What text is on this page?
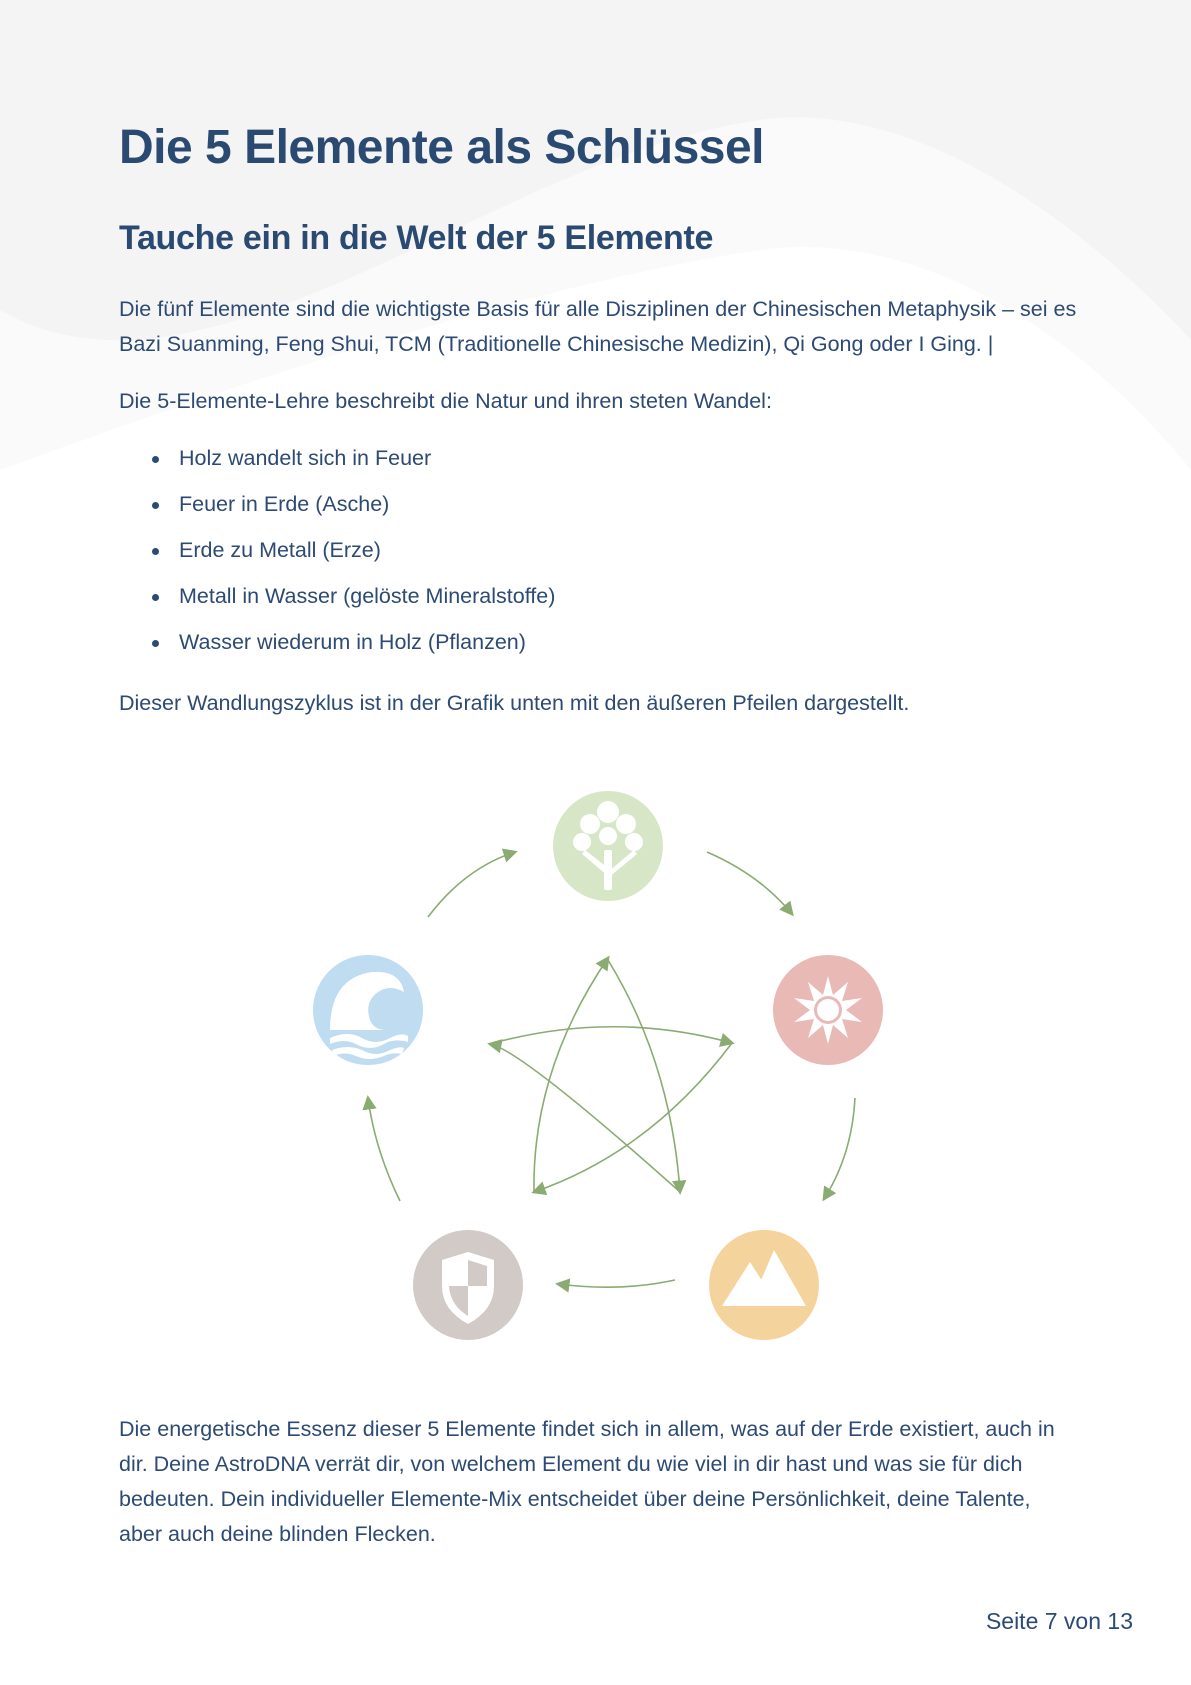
Die 5 Elemente als Schlüssel
Tauche ein in die Welt der 5 Elemente

Die fünf Elemente sind die wichtigste Basis für alle Disziplinen der Chinesischen Metaphysik – sei es Bazi Suanming, Feng Shui, TCM (Traditionelle Chinesische Medizin), Qi Gong oder I Ging. |

Die 5-Elemente-Lehre beschreibt die Natur und ihren steten Wandel:

Holz wandelt sich in Feuer
Feuer in Erde (Asche)
Erde zu Metall (Erze)
Metall in Wasser (gelöste Mineralstoffe)
Wasser wiederum in Holz (Pflanzen)

Dieser Wandlungszyklus ist in der Grafik unten mit den äußeren Pfeilen dargestellt.

Die energetische Essenz dieser 5 Elemente findet sich in allem, was auf der Erde existiert, auch in dir. Deine AstroDNA verrät dir, von welchem Element du wie viel in dir hast und was sie für dich bedeuten. Dein individueller Elemente-Mix entscheidet über deine Persönlichkeit, deine Talente, aber auch deine blinden Flecken.

Seite 7 von 13
